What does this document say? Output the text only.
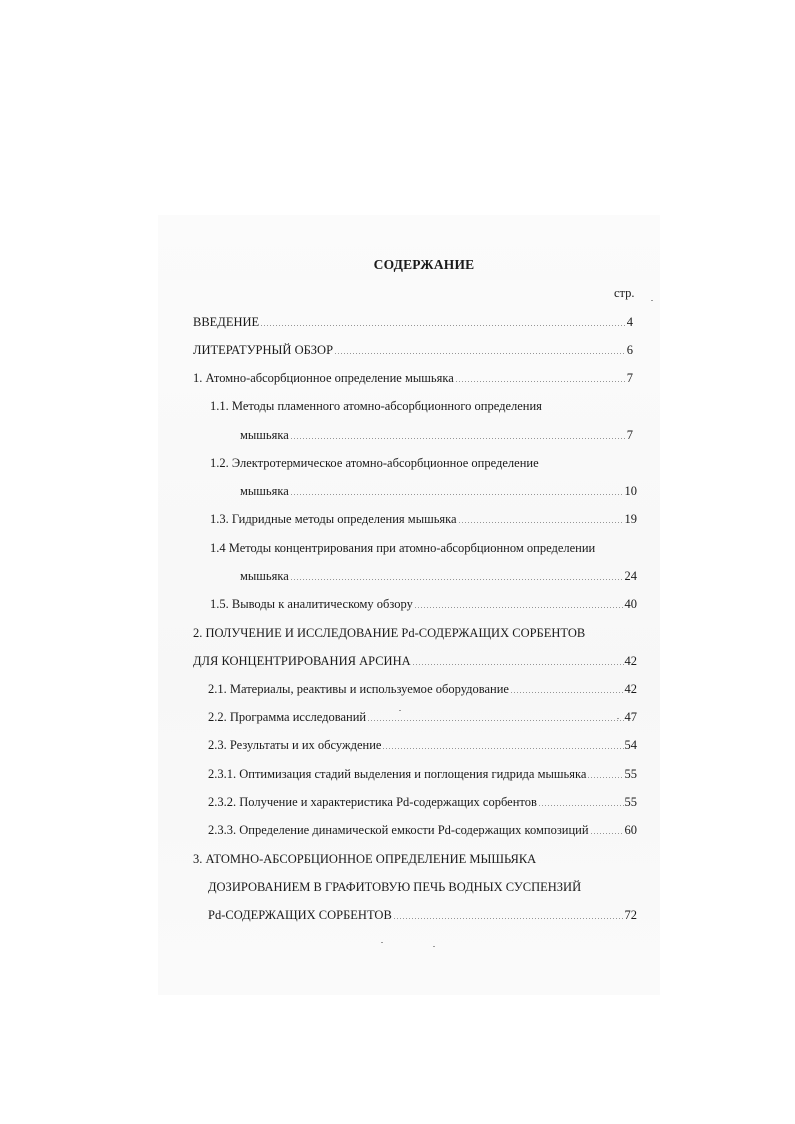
СОДЕРЖАНИЕ
стр.
ВВЕДЕНИЕ	4
ЛИТЕРАТУРНЫЙ ОБЗОР	6
1. Атомно-абсорбционное определение мышьяка	7
1.1. Методы пламенного атомно-абсорбционного определения
мышьяка	7
1.2. Электротермическое атомно-абсорбционное определение
мышьяка	10
1.3. Гидридные методы определения мышьяка	19
1.4 Методы концентрирования при атомно-абсорбционном определении
мышьяка	24
1.5. Выводы к аналитическому обзору	40
2. ПОЛУЧЕНИЕ И ИССЛЕДОВАНИЕ Pd-СОДЕРЖАЩИХ СОРБЕНТОВ
ДЛЯ КОНЦЕНТРИРОВАНИЯ АРСИНА	42
2.1. Материалы, реактивы и используемое оборудование	42
2.2. Программа исследований	47
2.3. Результаты и их обсуждение	54
2.3.1. Оптимизация стадий выделения и поглощения гидрида мышьяка	55
2.3.2. Получение и характеристика Pd-содержащих сорбентов	55
2.3.3. Определение динамической емкости Pd-содержащих композиций	60
3. АТОМНО-АБСОРБЦИОННОЕ ОПРЕДЕЛЕНИЕ МЫШЬЯКА
ДОЗИРОВАНИЕМ В ГРАФИТОВУЮ ПЕЧЬ ВОДНЫХ СУСПЕНЗИЙ
Pd-СОДЕРЖАЩИХ СОРБЕНТОВ	72
